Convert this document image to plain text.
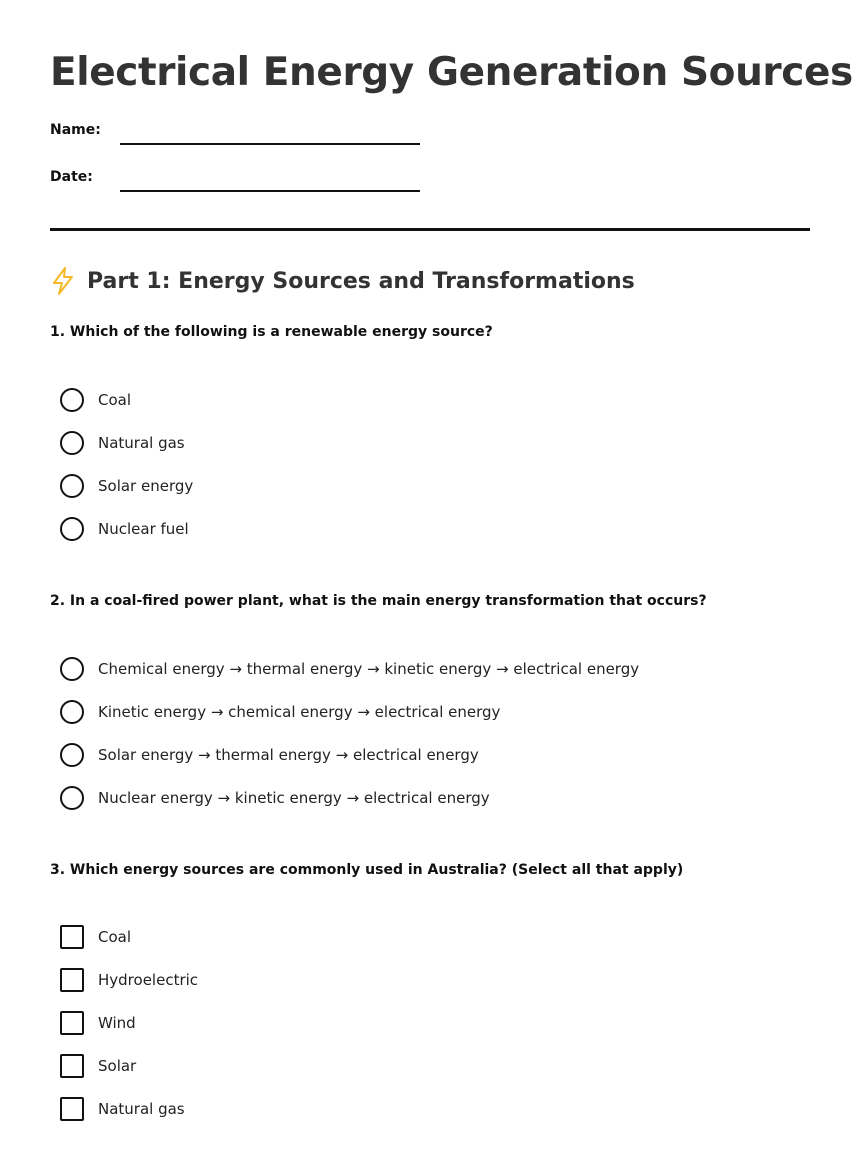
Electrical Energy Generation Sources
Name:
Date:
Part 1: Energy Sources and Transformations
1. Which of the following is a renewable energy source?
Coal
Natural gas
Solar energy
Nuclear fuel
2. In a coal-fired power plant, what is the main energy transformation that occurs?
Chemical energy → thermal energy → kinetic energy → electrical energy
Kinetic energy → chemical energy → electrical energy
Solar energy → thermal energy → electrical energy
Nuclear energy → kinetic energy → electrical energy
3. Which energy sources are commonly used in Australia? (Select all that apply)
Coal
Hydroelectric
Wind
Solar
Natural gas
